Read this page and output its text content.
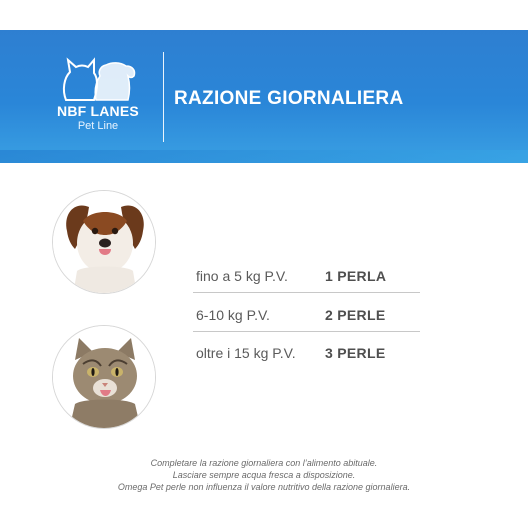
NBF LANES
Pet Line
RAZIONE GIORNALIERA
fino a 5 kg P.V.	1 PERLA
6-10 kg P.V.	2 PERLE
oltre i 15 kg P.V. 3 PERLE
Completare la razione giornaliera con l’alimento abituale.
Lasciare sempre acqua fresca a disposizione.
Omega Pet perle non influenza il valore nutritivo della razione giornaliera.
